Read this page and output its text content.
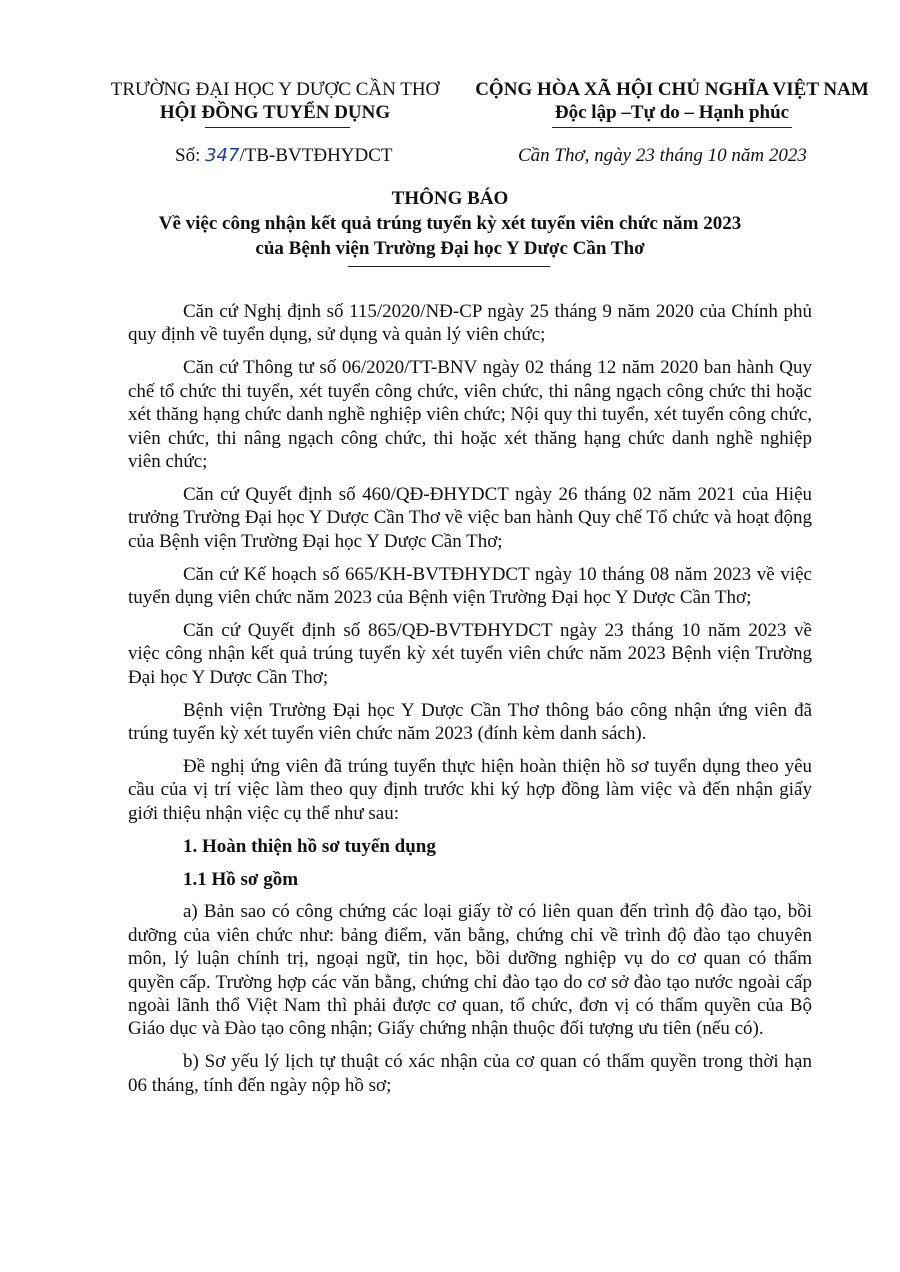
TRƯỜNG ĐẠI HỌC Y DƯỢC CẦN THƠ
HỘI ĐỒNG TUYỂN DỤNG
CỘNG HÒA XÃ HỘI CHỦ NGHĨA VIỆT NAM
Độc lập –Tự do – Hạnh phúc
Số: 347/TB-BVTĐHYDCT	Cần Thơ, ngày 23 tháng 10 năm 2023
THÔNG BÁO
Về việc công nhận kết quả trúng tuyển kỳ xét tuyển viên chức năm 2023
của Bệnh viện Trường Đại học Y Dược Cần Thơ

Căn cứ Nghị định số 115/2020/NĐ-CP ngày 25 tháng 9 năm 2020 của Chính phủ quy định về tuyển dụng, sử dụng và quản lý viên chức;

Căn cứ Thông tư số 06/2020/TT-BNV ngày 02 tháng 12 năm 2020 ban hành Quy chế tổ chức thi tuyển, xét tuyển công chức, viên chức, thi nâng ngạch công chức thi hoặc xét thăng hạng chức danh nghề nghiệp viên chức; Nội quy thi tuyển, xét tuyển công chức, viên chức, thi nâng ngạch công chức, thi hoặc xét thăng hạng chức danh nghề nghiệp viên chức;

Căn cứ Quyết định số 460/QĐ-ĐHYDCT ngày 26 tháng 02 năm 2021 của Hiệu trưởng Trường Đại học Y Dược Cần Thơ về việc ban hành Quy chế Tổ chức và hoạt động của Bệnh viện Trường Đại học Y Dược Cần Thơ;

Căn cứ Kế hoạch số 665/KH-BVTĐHYDCT ngày 10 tháng 08 năm 2023 về việc tuyển dụng viên chức năm 2023 của Bệnh viện Trường Đại học Y Dược Cần Thơ;

Căn cứ Quyết định số 865/QĐ-BVTĐHYDCT ngày 23 tháng 10 năm 2023 về việc công nhận kết quả trúng tuyển kỳ xét tuyển viên chức năm 2023 Bệnh viện Trường Đại học Y Dược Cần Thơ;

Bệnh viện Trường Đại học Y Dược Cần Thơ thông báo công nhận ứng viên đã trúng tuyển kỳ xét tuyển viên chức năm 2023 (đính kèm danh sách).

Đề nghị ứng viên đã trúng tuyển thực hiện hoàn thiện hồ sơ tuyển dụng theo yêu cầu của vị trí việc làm theo quy định trước khi ký hợp đồng làm việc và đến nhận giấy giới thiệu nhận việc cụ thể như sau:

1. Hoàn thiện hồ sơ tuyển dụng

1.1 Hồ sơ gồm

a) Bản sao có công chứng các loại giấy tờ có liên quan đến trình độ đào tạo, bồi dưỡng của viên chức như: bảng điểm, văn bằng, chứng chỉ về trình độ đào tạo chuyên môn, lý luận chính trị, ngoại ngữ, tin học, bồi dưỡng nghiệp vụ do cơ quan có thẩm quyền cấp. Trường hợp các văn bằng, chứng chỉ đào tạo do cơ sở đào tạo nước ngoài cấp ngoài lãnh thổ Việt Nam thì phải được cơ quan, tổ chức, đơn vị có thẩm quyền của Bộ Giáo dục và Đào tạo công nhận; Giấy chứng nhận thuộc đối tượng ưu tiên (nếu có).

b) Sơ yếu lý lịch tự thuật có xác nhận của cơ quan có thẩm quyền trong thời hạn 06 tháng, tính đến ngày nộp hồ sơ;
